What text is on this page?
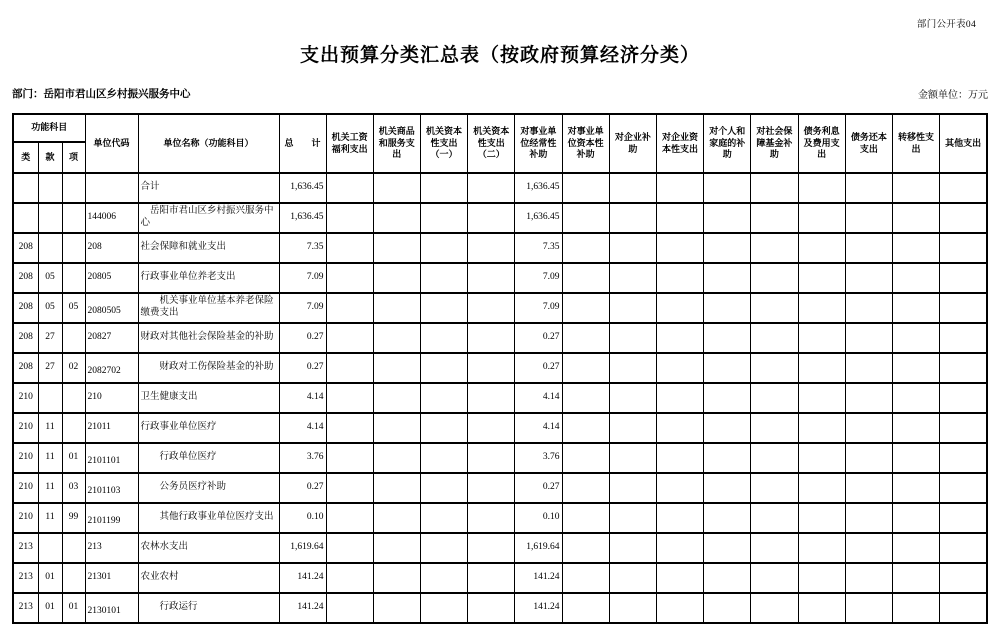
部门公开表04
支出预算分类汇总表（按政府预算经济分类）
部门：岳阳市君山区乡村振兴服务中心	金额单位：万元
功能科目			单位代码	单位名称（功能科目）	总　　计	机关工资福利支出	机关商品和服务支出	机关资本性支出（一）	机关资本性支出（二）	对事业单位经常性补助	对事业单位资本性补助	对企业补助	对企业资本性支出	对个人和家庭的补助	对社会保障基金补助	债务利息及费用支出	债务还本支出	转移性支出	其他支出
类	款	项																	
				合计	1,636.45					1,636.45									
			144006	　岳阳市君山区乡村振兴服务中心	1,636.45					1,636.45									
208			208	社会保障和就业支出	7.35					7.35									
208	05		20805	行政事业单位养老支出	7.09					7.09									
208	05	05	2080505	　　机关事业单位基本养老保险缴费支出	7.09					7.09									
208	27		20827	财政对其他社会保险基金的补助	0.27					0.27									
208	27	02	2082702	　　财政对工伤保险基金的补助	0.27					0.27									
210			210	卫生健康支出	4.14					4.14									
210	11		21011	行政事业单位医疗	4.14					4.14									
210	11	01	2101101	　　行政单位医疗	3.76					3.76									
210	11	03	2101103	　　公务员医疗补助	0.27					0.27									
210	11	99	2101199	　　其他行政事业单位医疗支出	0.10					0.10									
213			213	农林水支出	1,619.64					1,619.64									
213	01		21301	农业农村	141.24					141.24									
213	01	01	2130101	　　行政运行	141.24					141.24									
